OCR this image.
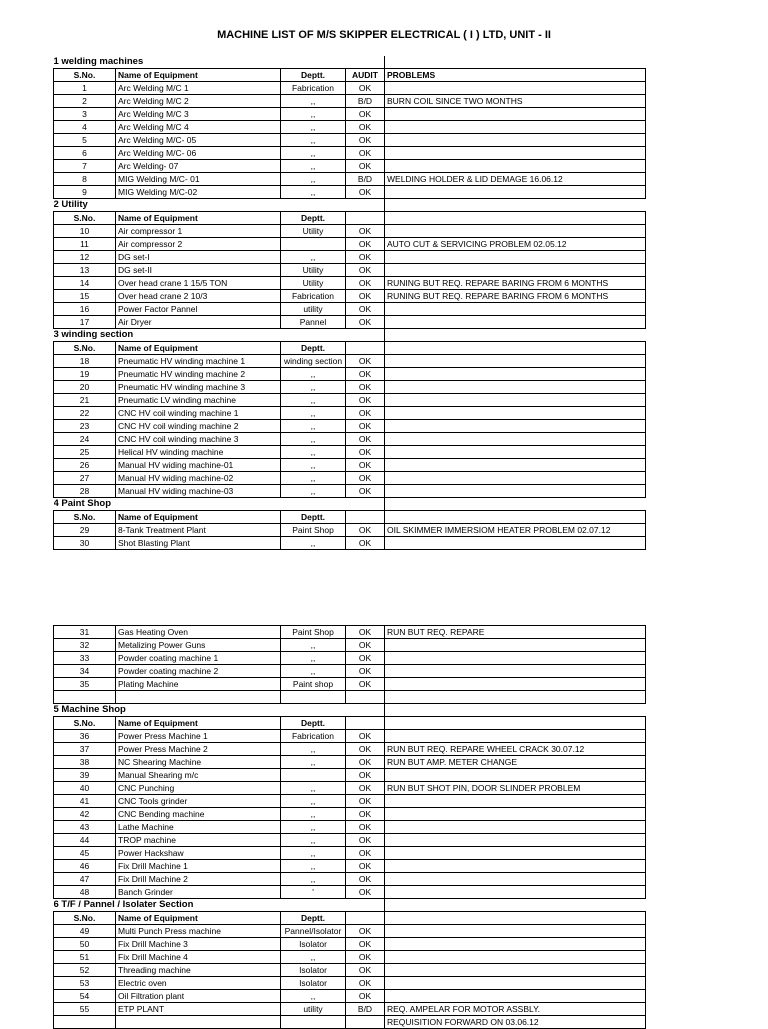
MACHINE LIST OF M/S SKIPPER ELECTRICAL ( I ) LTD, UNIT - II
1 welding machines				
S.No.	Name of Equipment	Deptt.	AUDIT	PROBLEMS
1	Arc Welding M/C 1	Fabrication	OK	
2	Arc Welding M/C 2	,,	B/D	BURN COIL SINCE TWO MONTHS
3	Arc Welding M/C 3	,,	OK	
4	Arc Welding M/C 4	,,	OK	
5	Arc Welding M/C- 05	,,	OK	
6	Arc Welding M/C- 06	,,	OK	
7	Arc Welding- 07	,,	OK	
8	MIG Welding M/C- 01	,,	B/D	WELDING HOLDER & LID DEMAGE 16.06.12
9	MIG Welding M/C-02	,,	OK	
2 Utility				
S.No.	Name of Equipment	Deptt.		
10	Air compressor 1	Utility	OK	
11	Air compressor 2		OK	AUTO CUT & SERVICING PROBLEM 02.05.12
12	DG set-I	,,	OK	
13	DG set-II	Utility	OK	
14	Over head crane 1 15/5 TON	Utility	OK	RUNING BUT REQ. REPARE BARING FROM 6 MONTHS
15	Over head crane 2 10/3	Fabrication	OK	RUNING BUT REQ. REPARE BARING FROM 6 MONTHS
16	Power Factor Pannel	utility	OK	
17	Air Dryer	Pannel	OK	
3 winding section				
S.No.	Name of Equipment	Deptt.		
18	Pneumatic HV winding machine 1	winding section	OK	
19	Pneumatic HV winding machine 2	,,	OK	
20	Pneumatic HV winding machine 3	,,	OK	
21	Pneumatic LV winding machine	,,	OK	
22	CNC HV coil winding machine 1	,,	OK	
23	CNC HV coil winding machine 2	,,	OK	
24	CNC HV coil winding machine 3	,,	OK	
25	Helical HV winding machine	,,	OK	
26	Manual HV widing machine-01	,,	OK	
27	Manual HV widing machine-02	,,	OK	
28	Manual HV widing machine-03	,,	OK	
4 Paint Shop				
S.No.	Name of Equipment	Deptt.		
29	8-Tank Treatment Plant	Paint Shop	OK	OIL SKIMMER IMMERSIOM HEATER PROBLEM 02.07.12
30	Shot Blasting Plant	,,	OK	
31	Gas Heating Oven	Paint Shop	OK	RUN BUT REQ. REPARE
32	Metalizing Power Guns	,,	OK	
33	Powder coating machine 1	,,	OK	
34	Powder coating machine 2	,,	OK	
35	Plating Machine	Paint shop	OK	

5 Machine Shop				
S.No.	Name of Equipment	Deptt.		
36	Power Press Machine 1	Fabrication	OK	
37	Power Press Machine 2	,,	OK	RUN BUT REQ. REPARE WHEEL CRACK 30.07.12
38	NC Shearing Machine	,,	OK	RUN BUT AMP. METER CHANGE
39	Manual Shearing m/c		OK	
40	CNC Punching	,,	OK	RUN BUT SHOT PIN, DOOR SLINDER PROBLEM
41	CNC Tools grinder	,,	OK	
42	CNC Bending machine	,,	OK	
43	Lathe Machine	,,	OK	
44	TROP machine	,,	OK	
45	Power Hackshaw	,,	OK	
46	Fix Drill Machine 1	,,	OK	
47	Fix Drill Machine 2	,,	OK	
48	Banch Grinder	'	OK	
6 T/F / Pannel / Isolater Section				
S.No.	Name of Equipment	Deptt.		
49	Multi Punch Press machine	Pannel/Isolator	OK	
50	Fix Drill Machine 3	Isolator	OK	
51	Fix Drill Machine 4	,,	OK	
52	Threading machine	Isolator	OK	
53	Electric oven	Isolator	OK	
54	Oil Filtration plant	,,	OK	
55	ETP PLANT	utility	B/D	REQ. AMPELAR FOR MOTOR ASSBLY.
				REQUISITION FORWARD ON 03.06.12
